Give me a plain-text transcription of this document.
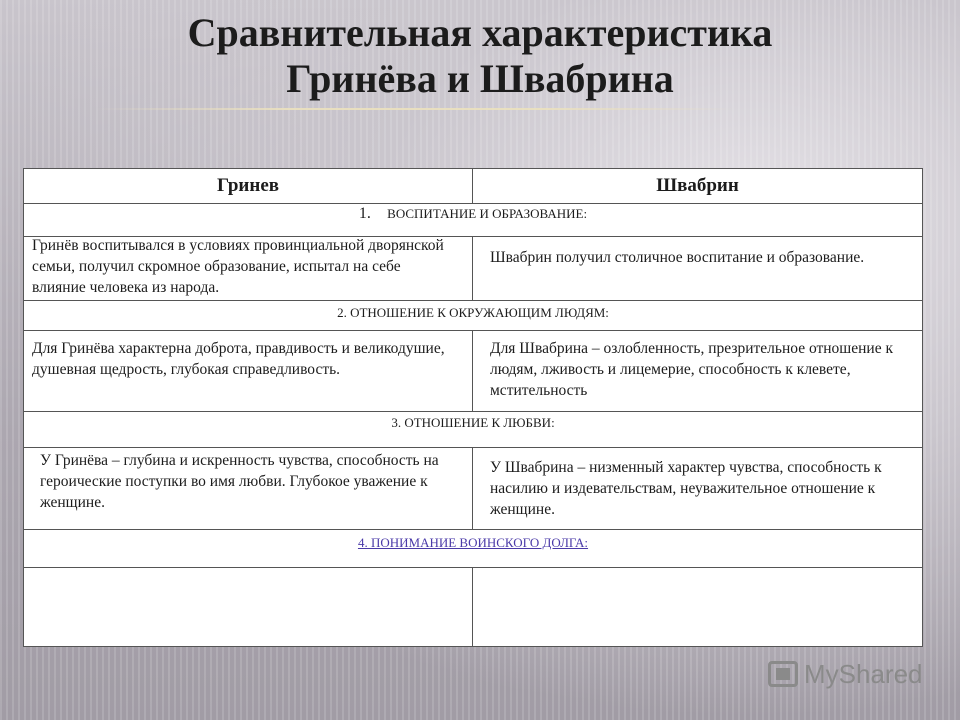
Сравнительная характеристика
Гринёва и Швабрина
Гринев	Швабрин
1. ВОСПИТАНИЕ И ОБРАЗОВАНИЕ:
Гринёв воспитывался в условиях провинциальной дворянской семьи, получил скромное образование, испытал на себе влияние человека из народа.
Швабрин получил столичное воспитание и образование.
2. ОТНОШЕНИЕ К ОКРУЖАЮЩИМ ЛЮДЯМ:
Для Гринёва характерна доброта, правдивость и великодушие, душевная щедрость, глубокая справедливость.
Для Швабрина – озлобленность, презрительное отношение к людям, лживость и лицемерие, способность к клевете, мстительность
3. ОТНОШЕНИЕ К ЛЮБВИ:
У Гринёва – глубина и искренность чувства, способность на героические поступки во имя любви. Глубокое уважение к женщине.
У Швабрина – низменный характер чувства, способность к насилию и издевательствам, неуважительное отношение к женщине.
4. ПОНИМАНИЕ ВОИНСКОГО ДОЛГА:
MyShared
